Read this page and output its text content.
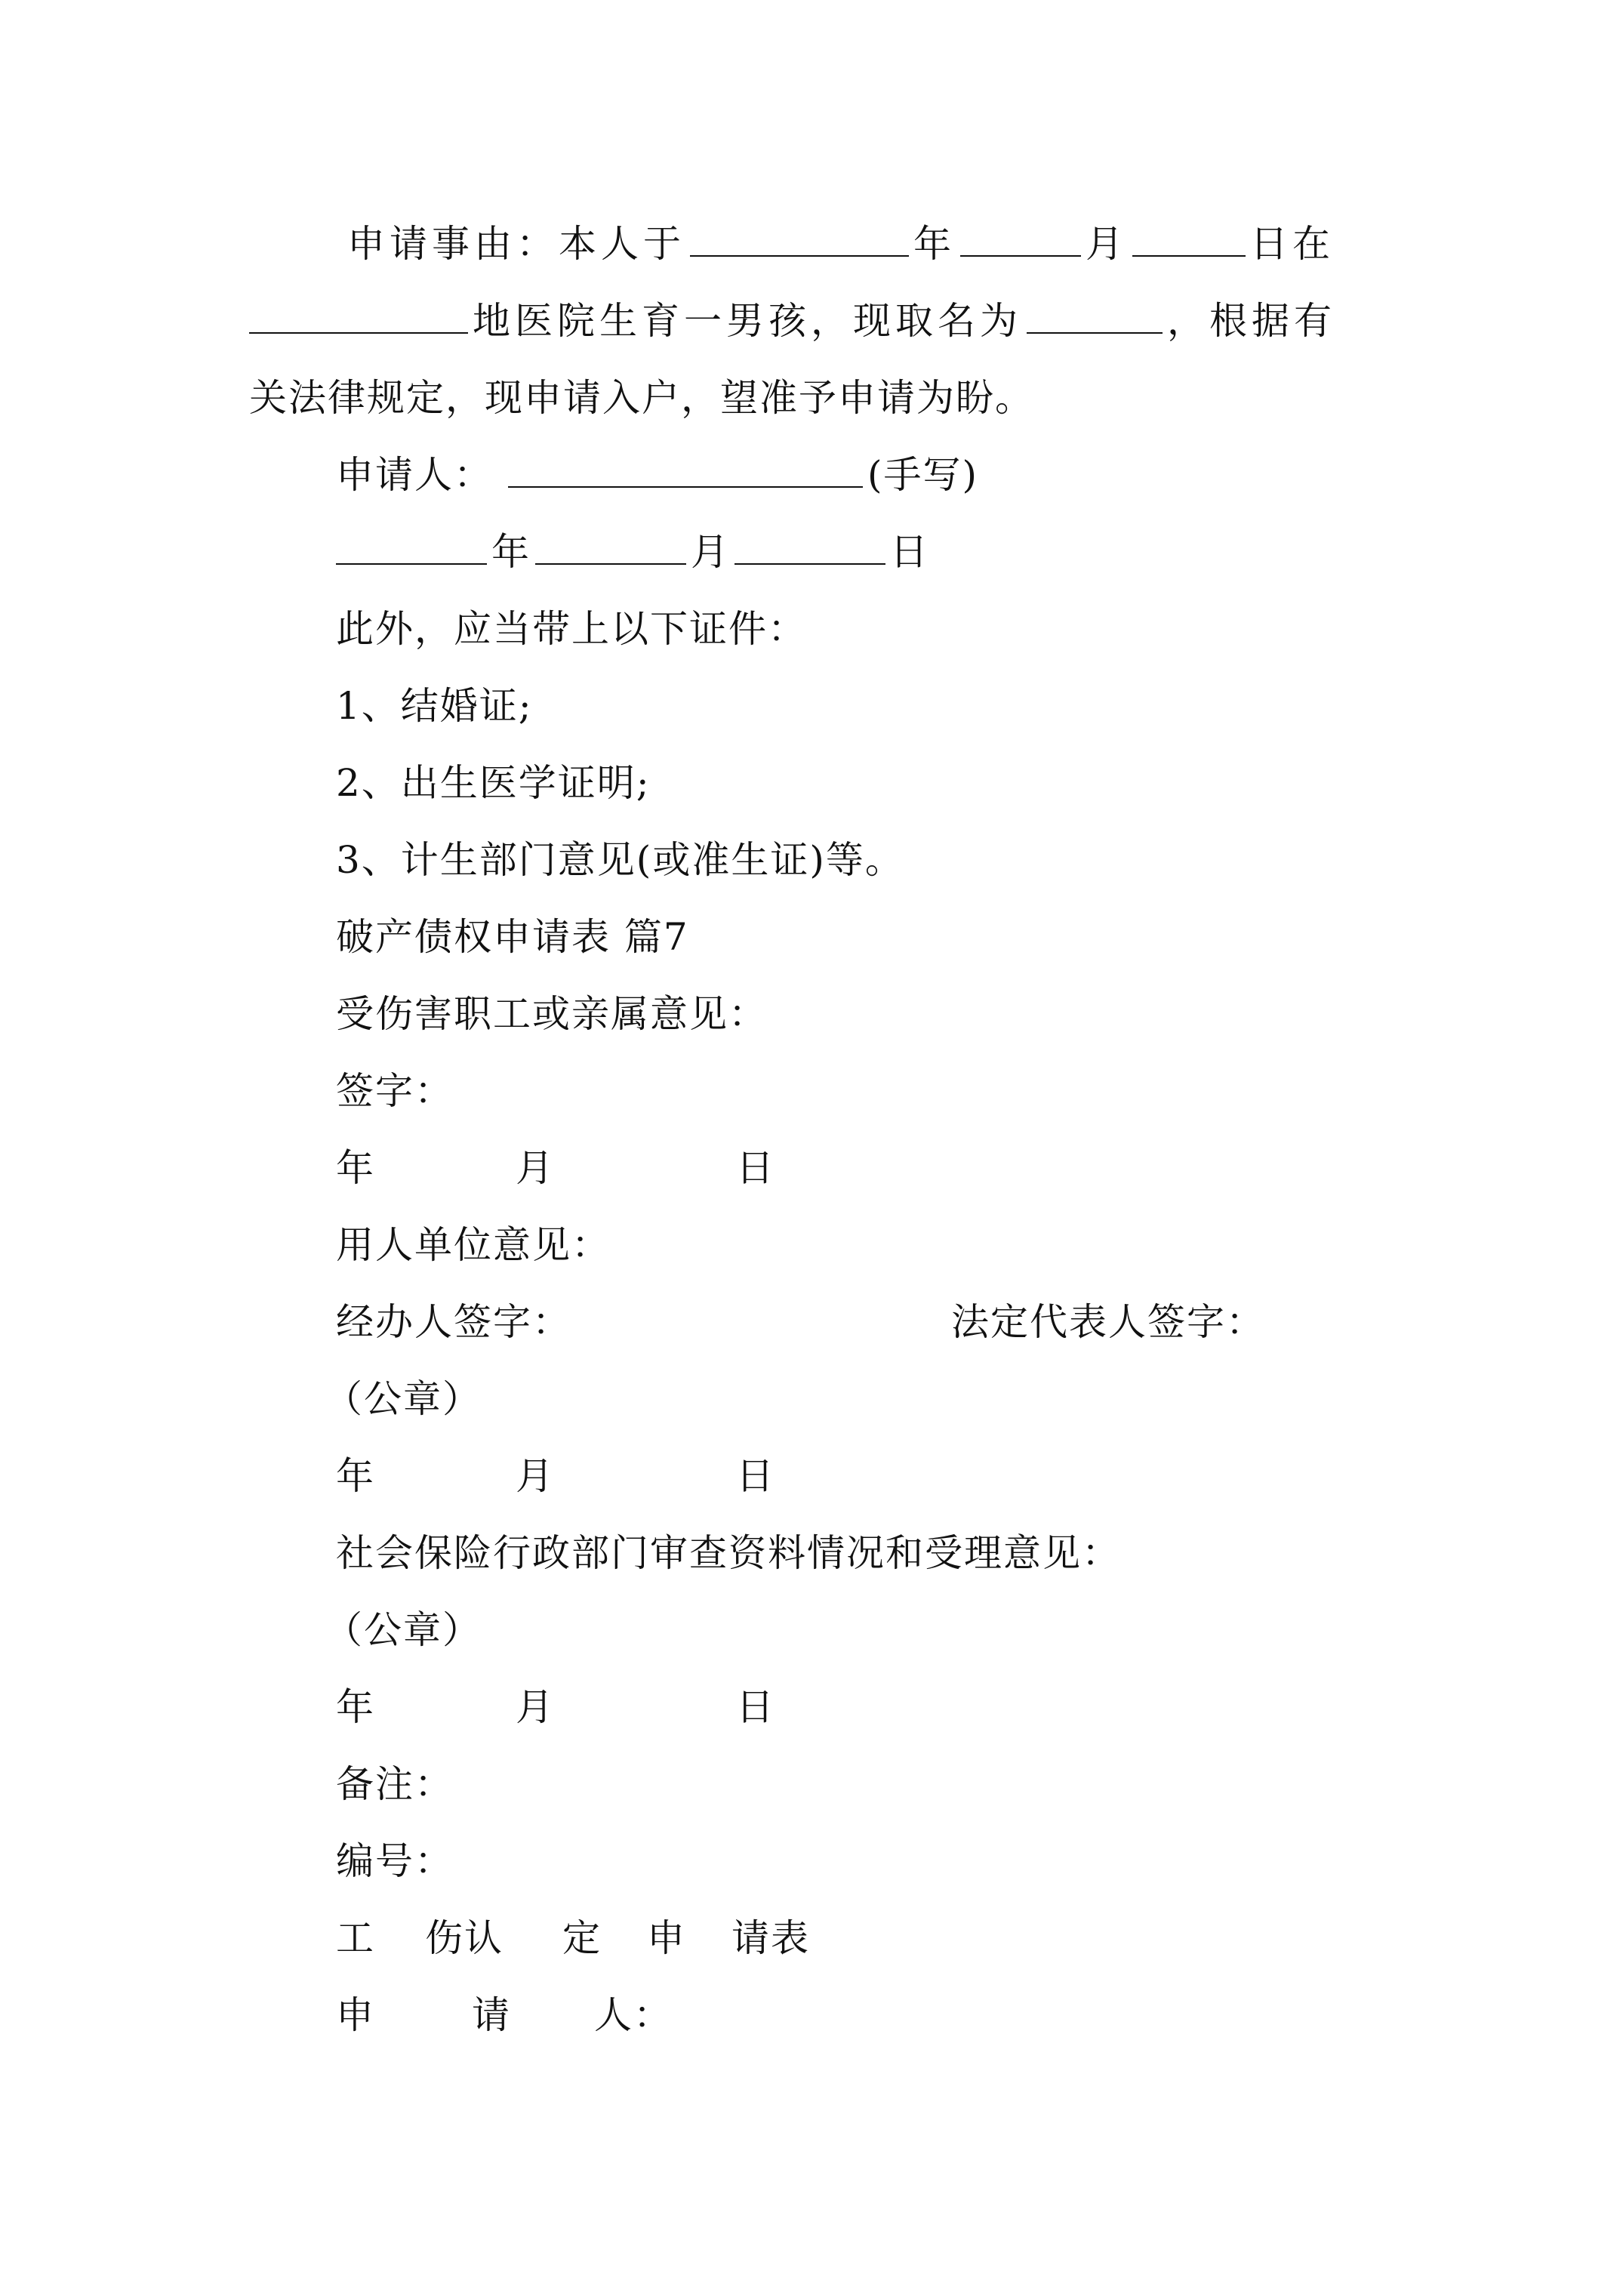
申请事由：本人于	年	月	日在
地医院生育一男孩，现取名为	，根据有
关法律规定，现申请入户，望准予申请为盼。
申请人：	(手写)
年	月	日
此外，应当带上以下证件：
1、结婚证;
2、出生医学证明;
3、计生部门意见(或准生证)等。
破产债权申请表 篇7
受伤害职工或亲属意见：
签字：
年	月	日
用人单位意见：
经办人签字：	法定代表人签字：
（公章）
年	月	日
社会保险行政部门审查资料情况和受理意见：
（公章）
年	月	日
备注：
编号：
工 伤认 定 申 请表
申	请 人：
